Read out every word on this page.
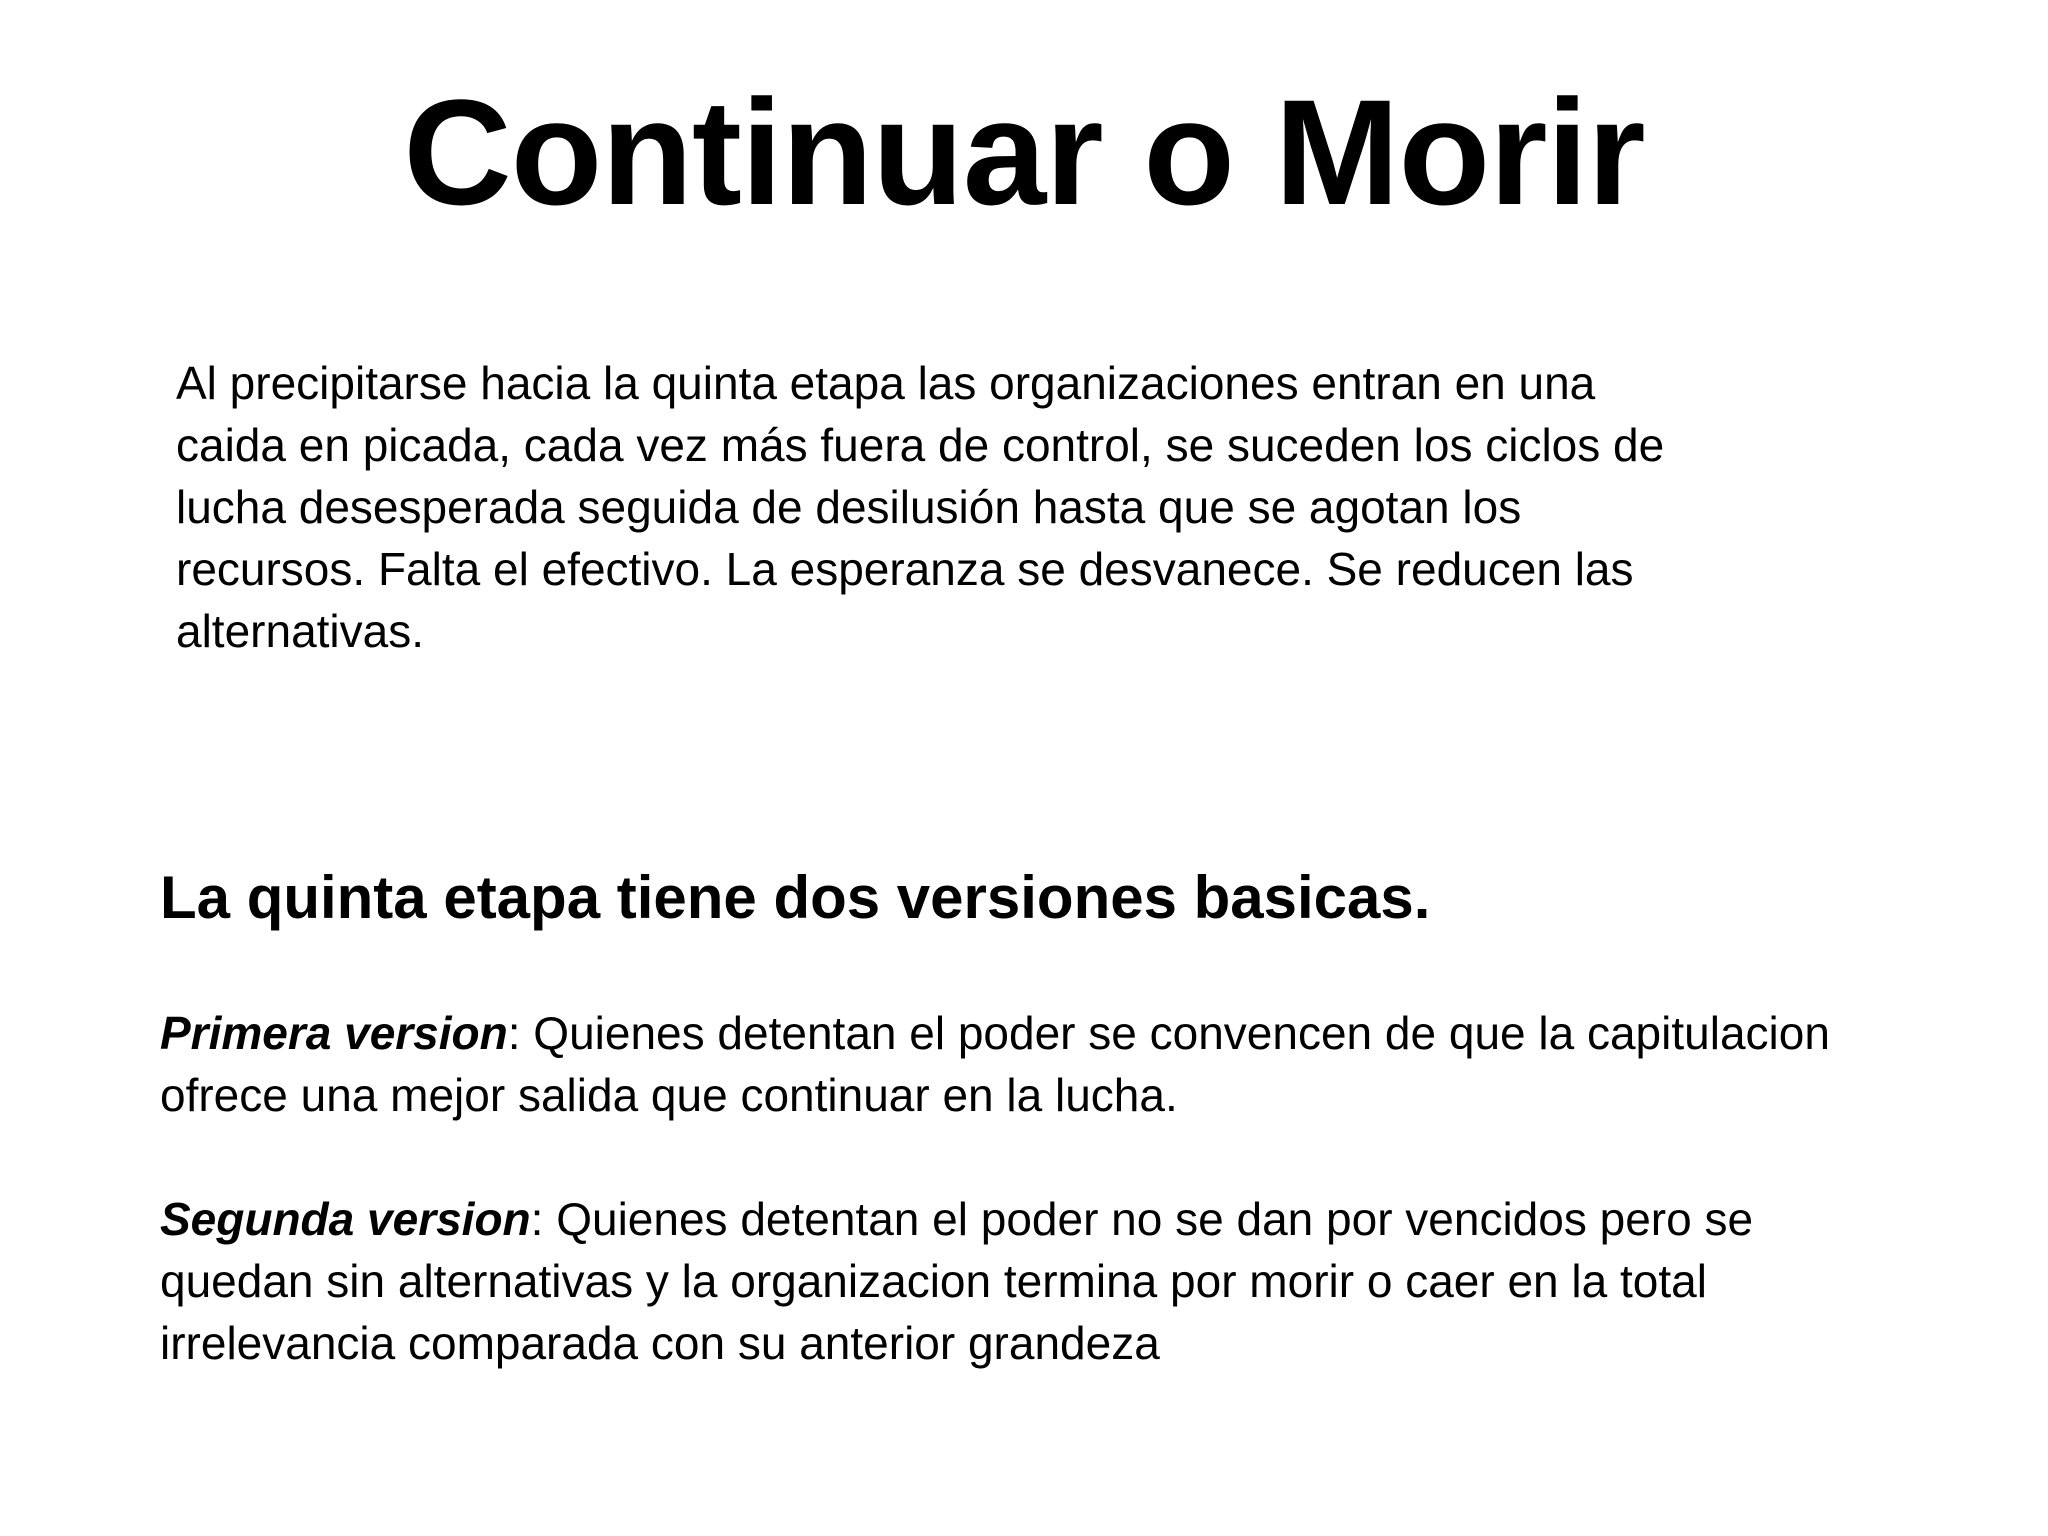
Continuar o Morir

Al precipitarse hacia la quinta etapa las organizaciones entran en una
caida en picada, cada vez más fuera de control, se suceden los ciclos de
lucha desesperada seguida de desilusión hasta que se agotan los
recursos. Falta el efectivo. La esperanza se desvanece. Se reducen las
alternativas.

La quinta etapa tiene dos versiones basicas.

Primera version: Quienes detentan el poder se convencen de que la capitulacion
ofrece una mejor salida que continuar en la lucha.

Segunda version: Quienes detentan el poder no se dan por vencidos pero se
quedan sin alternativas y la organizacion termina por morir o caer en la total
irrelevancia comparada con su anterior grandeza
